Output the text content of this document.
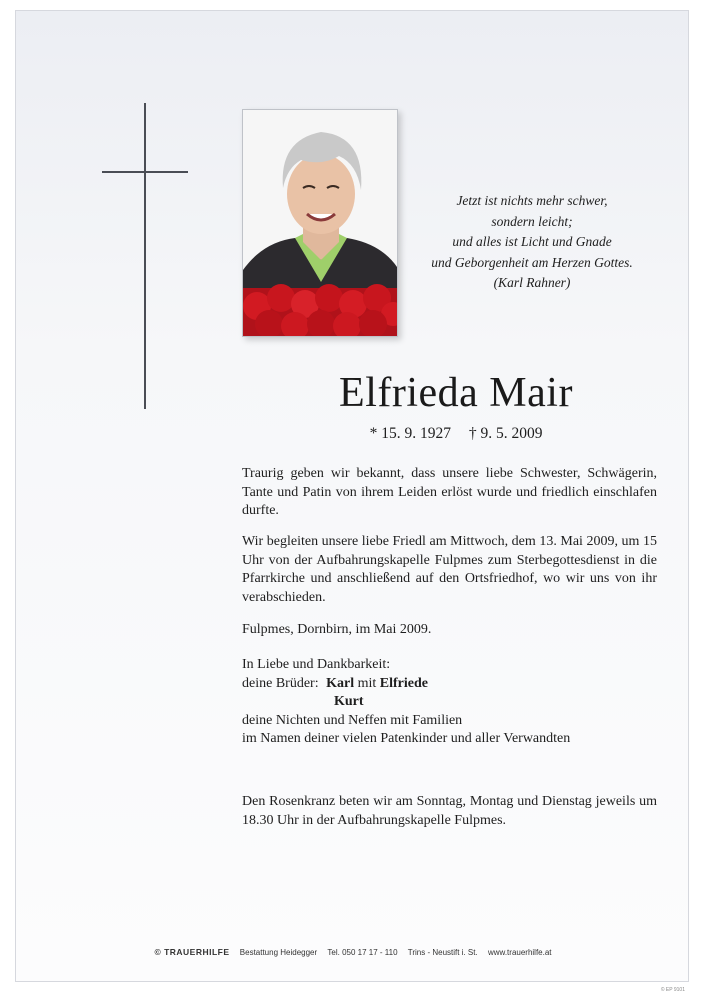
Jetzt ist nichts mehr schwer,
sondern leicht;
und alles ist Licht und Gnade
und Geborgenheit am Herzen Gottes.
(Karl Rahner)
Elfrieda Mair
* 15. 9. 1927 † 9. 5. 2009

Traurig geben wir bekannt, dass unsere liebe Schwester, Schwägerin, Tante und Patin von ihrem Leiden erlöst wurde und friedlich einschlafen durfte.

Wir begleiten unsere liebe Friedl am Mittwoch, dem 13. Mai 2009, um 15 Uhr von der Aufbahrungskapelle Fulpmes zum Sterbegottesdienst in die Pfarrkirche und anschließend auf den Ortsfriedhof, wo wir uns von ihr verabschieden.

Fulpmes, Dornbirn, im Mai 2009.

In Liebe und Dankbarkeit:

deine Brüder: Karl mit Elfriede

Kurt

deine Nichten und Neffen mit Familien

im Namen deiner vielen Patenkinder und aller Verwandten

Den Rosenkranz beten wir am Sonntag, Montag und Dienstag jeweils um 18.30 Uhr in der Aufbahrungskapelle Fulpmes.

© TRAUERHILFE Bestattung Heidegger Tel. 050 17 17 - 110 Trins - Neustift i. St. www.trauerhilfe.at
© EP 9101
